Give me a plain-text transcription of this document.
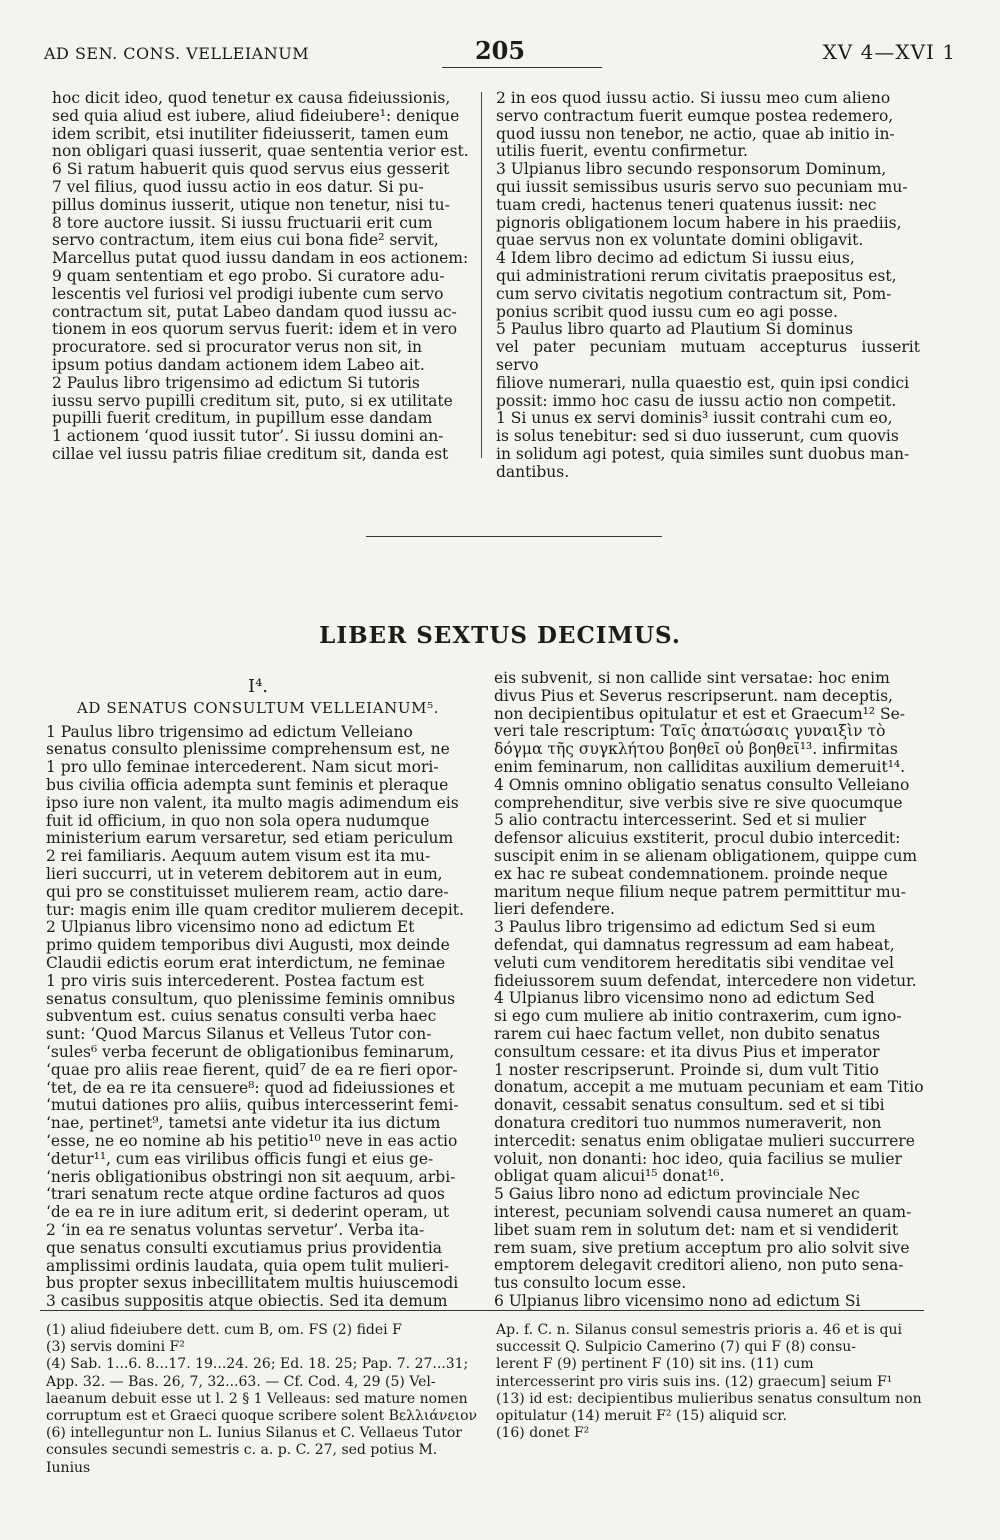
AD SEN. CONS. VELLEIANUM	205	XV 4—XVI 1

hoc dicit ideo, quod tenetur ex causa fideiussionis,

sed quia aliud est iubere, aliud fideiubere¹: denique

idem scribit, etsi inutiliter fideiusserit, tamen eum

non obligari quasi iusserit, quae sententia verior est.

6 Si ratum habuerit quis quod servus eius gesserit

7 vel filius, quod iussu actio in eos datur. Si pu-

pillus dominus iusserit, utique non tenetur, nisi tu-

8 tore auctore iussit. Si iussu fructuarii erit cum

servo contractum, item eius cui bona fide² servit,

Marcellus putat quod iussu dandam in eos actionem:

9 quam sententiam et ego probo. Si curatore adu-

lescentis vel furiosi vel prodigi iubente cum servo

contractum sit, putat Labeo dandam quod iussu ac-

tionem in eos quorum servus fuerit: idem et in vero

procuratore. sed si procurator verus non sit, in

ipsum potius dandam actionem idem Labeo ait.

2 Paulus libro trigensimo ad edictum Si tutoris

iussu servo pupilli creditum sit, puto, si ex utilitate

pupilli fuerit creditum, in pupillum esse dandam

1 actionem ‘quod iussit tutor’. Si iussu domini an-

cillae vel iussu patris filiae creditum sit, danda est

2 in eos quod iussu actio. Si iussu meo cum alieno

servo contractum fuerit eumque postea redemero,

quod iussu non tenebor, ne actio, quae ab initio in-

utilis fuerit, eventu confirmetur.

3 Ulpianus libro secundo responsorum Dominum,

qui iussit semissibus usuris servo suo pecuniam mu-

tuam credi, hactenus teneri quatenus iussit: nec

pignoris obligationem locum habere in his praediis,

quae servus non ex voluntate domini obligavit.

4 Idem libro decimo ad edictum Si iussu eius,

qui administrationi rerum civitatis praepositus est,

cum servo civitatis negotium contractum sit, Pom-

ponius scribit quod iussu cum eo agi posse.

5 Paulus libro quarto ad Plautium Si dominus

vel pater pecuniam mutuam accepturus iusserit servo

filiove numerari, nulla quaestio est, quin ipsi condici

possit: immo hoc casu de iussu actio non competit.

1 Si unus ex servi dominis³ iussit contrahi cum eo,

is solus tenebitur: sed si duo iusserunt, cum quovis

in solidum agi potest, quia similes sunt duobus man-

dantibus.

LIBER SEXTUS DECIMUS.
I⁴.
AD SENATUS CONSULTUM VELLEIANUM⁵.

1 Paulus libro trigensimo ad edictum Velleiano

senatus consulto plenissime comprehensum est, ne

1 pro ullo feminae intercederent. Nam sicut mori-

bus civilia officia adempta sunt feminis et pleraque

ipso iure non valent, ita multo magis adimendum eis

fuit id officium, in quo non sola opera nudumque

ministerium earum versaretur, sed etiam periculum

2 rei familiaris. Aequum autem visum est ita mu-

lieri succurri, ut in veterem debitorem aut in eum,

qui pro se constituisset mulierem ream, actio dare-

tur: magis enim ille quam creditor mulierem decepit.

2 Ulpianus libro vicensimo nono ad edictum Et

primo quidem temporibus divi Augusti, mox deinde

Claudii edictis eorum erat interdictum, ne feminae

1 pro viris suis intercederent. Postea factum est

senatus consultum, quo plenissime feminis omnibus

subventum est. cuius senatus consulti verba haec

sunt: ‘Quod Marcus Silanus et Velleus Tutor con-

‘sules⁶ verba fecerunt de obligationibus feminarum,

‘quae pro aliis reae fierent, quid⁷ de ea re fieri opor-

‘tet, de ea re ita censuere⁸: quod ad fideiussiones et

‘mutui dationes pro aliis, quibus intercesserint femi-

‘nae, pertinet⁹, tametsi ante videtur ita ius dictum

‘esse, ne eo nomine ab his petitio¹⁰ neve in eas actio

‘detur¹¹, cum eas virilibus officis fungi et eius ge-

‘neris obligationibus obstringi non sit aequum, arbi-

‘trari senatum recte atque ordine facturos ad quos

‘de ea re in iure aditum erit, si dederint operam, ut

2 ‘in ea re senatus voluntas servetur’. Verba ita-

que senatus consulti excutiamus prius providentia

amplissimi ordinis laudata, quia opem tulit mulieri-

bus propter sexus inbecillitatem multis huiuscemodi

3 casibus suppositis atque obiectis. Sed ita demum

eis subvenit, si non callide sint versatae: hoc enim

divus Pius et Severus rescripserunt. nam deceptis,

non decipientibus opitulatur et est et Graecum¹² Se-

veri tale rescriptum: Ταῖς ἀπατώσαις γυναιξὶν τὸ

δόγμα τῆς συγκλήτου βοηθεῖ οὐ βοηθεῖ¹³. infirmitas

enim feminarum, non calliditas auxilium demeruit¹⁴.

4 Omnis omnino obligatio senatus consulto Velleiano

comprehenditur, sive verbis sive re sive quocumque

5 alio contractu intercesserint. Sed et si mulier

defensor alicuius exstiterit, procul dubio intercedit:

suscipit enim in se alienam obligationem, quippe cum

ex hac re subeat condemnationem. proinde neque

maritum neque filium neque patrem permittitur mu-

lieri defendere.

3 Paulus libro trigensimo ad edictum Sed si eum

defendat, qui damnatus regressum ad eam habeat,

veluti cum venditorem hereditatis sibi venditae vel

fideiussorem suum defendat, intercedere non videtur.

4 Ulpianus libro vicensimo nono ad edictum Sed

si ego cum muliere ab initio contraxerim, cum igno-

rarem cui haec factum vellet, non dubito senatus

consultum cessare: et ita divus Pius et imperator

1 noster rescripserunt. Proinde si, dum vult Titio

donatum, accepit a me mutuam pecuniam et eam Titio

donavit, cessabit senatus consultum. sed et si tibi

donatura creditori tuo nummos numeraverit, non

intercedit: senatus enim obligatae mulieri succurrere

voluit, non donanti: hoc ideo, quia facilius se mulier

obligat quam alicui¹⁵ donat¹⁶.

5 Gaius libro nono ad edictum provinciale Nec

interest, pecuniam solvendi causa numeret an quam-

libet suam rem in solutum det: nam et si vendiderit

rem suam, sive pretium acceptum pro alio solvit sive

emptorem delegavit creditori alieno, non puto sena-

tus consulto locum esse.

6 Ulpianus libro vicensimo nono ad edictum Si

(1) aliud fideiubere dett. cum B, om. FS (2) fidei F

(3) servis domini F²

(4) Sab. 1...6. 8...17. 19...24. 26; Ed. 18. 25; Pap. 7. 27...31;

App. 32. — Bas. 26, 7, 32...63. — Cf. Cod. 4, 29 (5) Vel-

laeanum debuit esse ut l. 2 § 1 Velleaus: sed mature nomen

corruptum est et Graeci quoque scribere solent Βελλιάνειον

(6) intelleguntur non L. Iunius Silanus et C. Vellaeus Tutor

consules secundi semestris c. a. p. C. 27, sed potius M. Iunius

Ap. f. C. n. Silanus consul semestris prioris a. 46 et is qui

successit Q. Sulpicio Camerino (7) qui F (8) consu-

lerent F (9) pertinent F (10) sit ins. (11) cum

intercesserint pro viris suis ins. (12) graecum] seium F¹

(13) id est: decipientibus mulieribus senatus consultum non

opitulatur (14) meruit F² (15) aliquid scr.

(16) donet F²
